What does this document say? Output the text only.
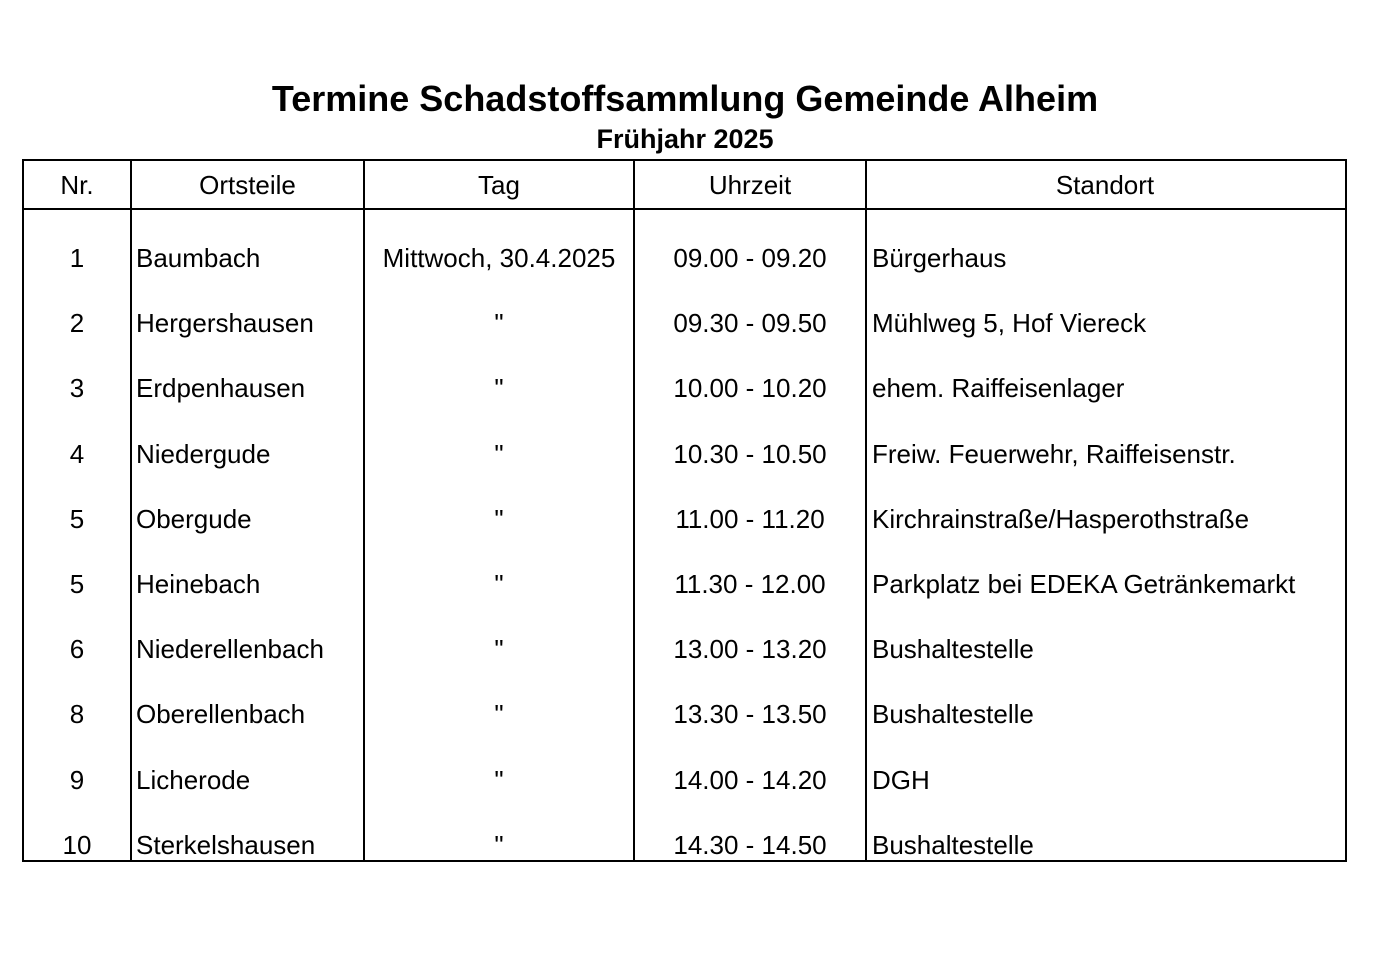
Termine Schadstoffsammlung Gemeinde Alheim
Frühjahr 2025
Nr.	Ortsteile	Tag	Uhrzeit	Standort
1	Baumbach	Mittwoch, 30.4.2025	09.00 - 09.20	Bürgerhaus
2	Hergershausen	"	09.30 - 09.50	Mühlweg 5, Hof Viereck
3	Erdpenhausen	"	10.00 - 10.20	ehem. Raiffeisenlager
4	Niedergude	"	10.30 - 10.50	Freiw. Feuerwehr, Raiffeisenstr.
5	Obergude	"	11.00 - 11.20	Kirchrainstraße/Hasperothstraße
5	Heinebach	"	11.30 - 12.00	Parkplatz bei EDEKA Getränkemarkt
6	Niederellenbach	"	13.00 - 13.20	Bushaltestelle
8	Oberellenbach	"	13.30 - 13.50	Bushaltestelle
9	Licherode	"	14.00 - 14.20	DGH
10	Sterkelshausen	"	14.30 - 14.50	Bushaltestelle
